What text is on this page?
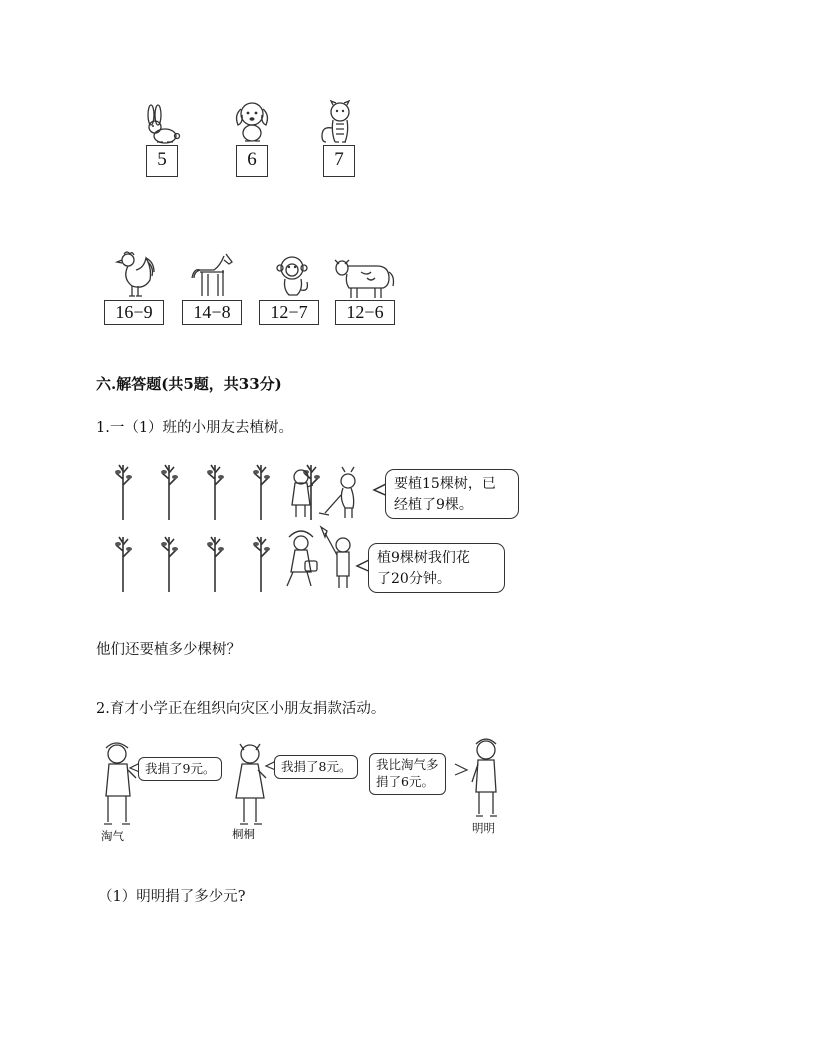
5	6	7
16−9	14−8	12−7	12−6
六.解答题(共5题，共33分)
1.一（1）班的小朋友去植树。
要植15棵树，已
经植了9棵。
植9棵树我们花
了20分钟。
他们还要植多少棵树？
2.育才小学正在组织向灾区小朋友捐款活动。
我捐了9元。	我捐了8元。	我比淘气多
捐了6元。
淘气	桐桐	明明
（1）明明捐了多少元?
